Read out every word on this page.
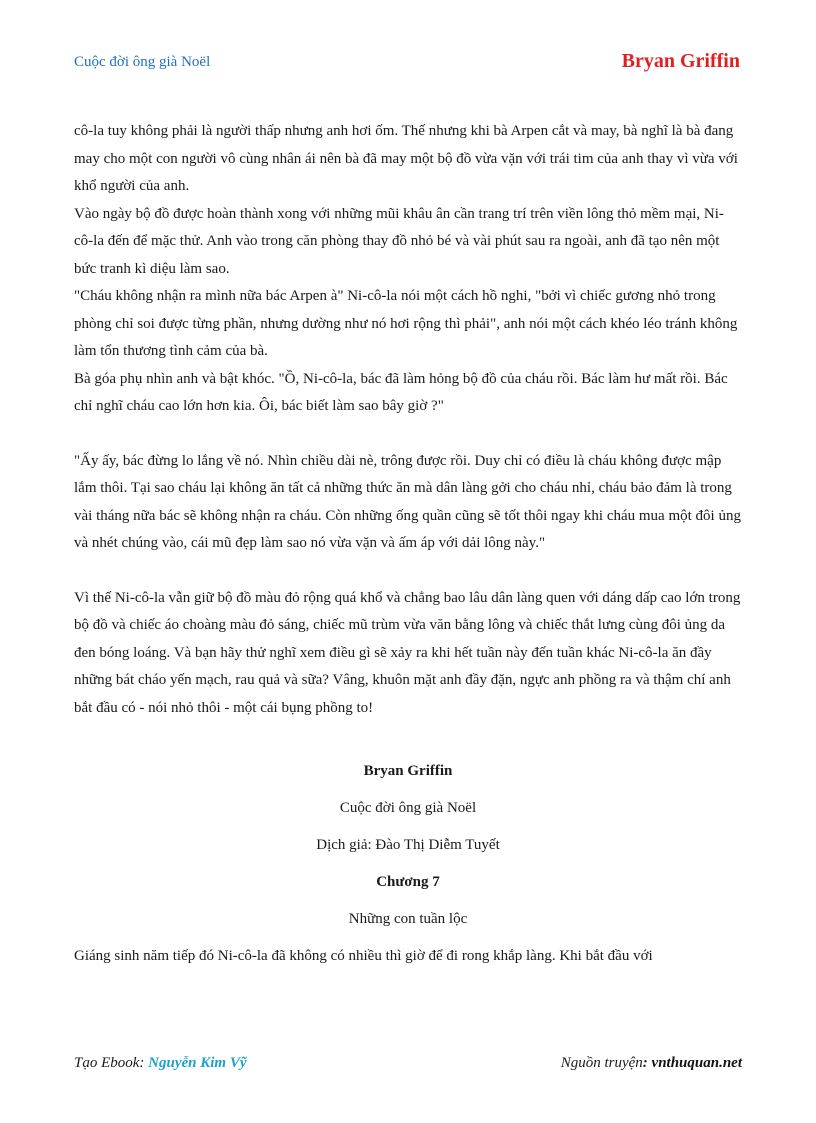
Cuộc đời ông già Noël	Bryan Griffin

cô-la tuy không phải là người thấp nhưng anh hơi ốm. Thế nhưng khi bà Arpen cắt và may, bà nghĩ là bà đang may cho một con người vô cùng nhân ái nên bà đã may một bộ đồ vừa vặn với trái tim của anh thay vì vừa với khổ người của anh.

Vào ngày bộ đồ được hoàn thành xong với những mũi khâu ân cần trang trí trên viền lông thỏ mềm mại, Ni-cô-la đến để mặc thử. Anh vào trong căn phòng thay đồ nhỏ bé và vài phút sau ra ngoài, anh đã tạo nên một bức tranh kì diệu làm sao.

"Cháu không nhận ra mình nữa bác Arpen à" Ni-cô-la nói một cách hồ nghi, "bởi vì chiếc gương nhỏ trong phòng chỉ soi được từng phần, nhưng dường như nó hơi rộng thì phải", anh nói một cách khéo léo tránh không làm tổn thương tình cảm của bà.

Bà góa phụ nhìn anh và bật khóc. "Ồ, Ni-cô-la, bác đã làm hỏng bộ đồ của cháu rồi. Bác làm hư mất rồi. Bác chỉ nghĩ cháu cao lớn hơn kia. Ôi, bác biết làm sao bây giờ ?"

"Ấy ấy, bác đừng lo lắng về nó. Nhìn chiều dài nè, trông được rồi. Duy chỉ có điều là cháu không được mập lắm thôi. Tại sao cháu lại không ăn tất cả những thức ăn mà dân làng gởi cho cháu nhỉ, cháu bảo đảm là trong vài tháng nữa bác sẽ không nhận ra cháu. Còn những ống quần cũng sẽ tốt thôi ngay khi cháu mua một đôi ủng và nhét chúng vào, cái mũ đẹp làm sao nó vừa vặn và ấm áp với dải lông này."

Vì thế Ni-cô-la vẫn giữ bộ đồ màu đỏ rộng quá khổ và chẳng bao lâu dân làng quen với dáng dấp cao lớn trong bộ đồ và chiếc áo choàng màu đỏ sáng, chiếc mũ trùm vừa văn bằng lông và chiếc thắt lưng cùng đôi ủng da đen bóng loáng. Và bạn hãy thử nghĩ xem điều gì sẽ xảy ra khi hết tuần này đến tuần khác Ni-cô-la ăn đầy những bát cháo yến mạch, rau quả và sữa? Vâng, khuôn mặt anh đầy đặn, ngực anh phồng ra và thậm chí anh bắt đầu có - nói nhỏ thôi - một cái bụng phồng to!

Bryan Griffin
Cuộc đời ông già Noël
Dịch giả: Đào Thị Diễm Tuyết
Chương 7
Những con tuần lộc

Giáng sinh năm tiếp đó Ni-cô-la đã không có nhiều thì giờ để đi rong khắp làng. Khi bắt đầu với

Tạo Ebook: Nguyễn Kim Vỹ	Nguồn truyện: vnthuquan.net
